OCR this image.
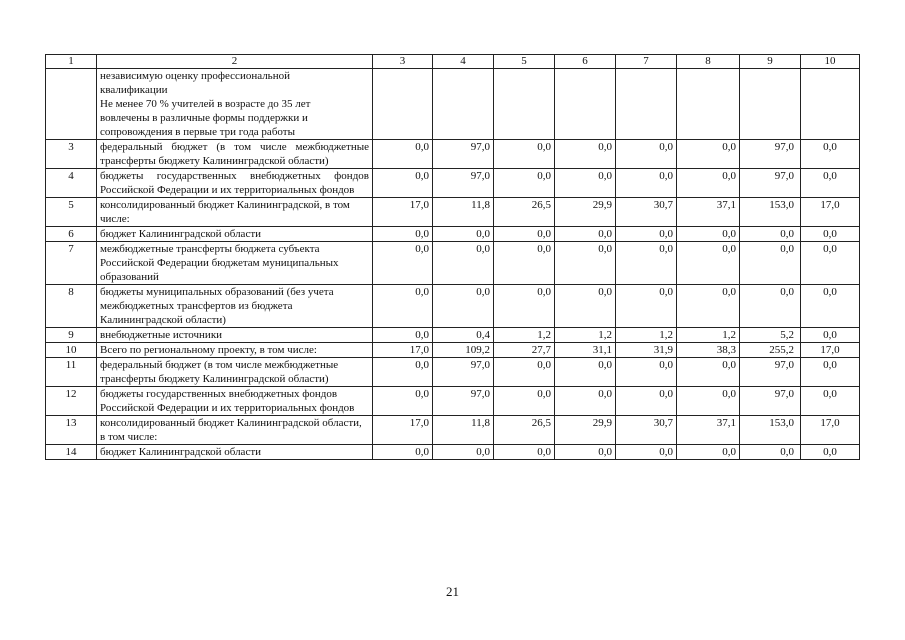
1	2	3	4	5	6	7	8	9	10

	независимую оценку профессиональной
квалификации
Не менее 70 % учителей в возрасте до 35 лет
вовлечены в различные формы поддержки и
сопровождения в первые три года работы								

3	федеральный бюджет (в том числе межбюджетные трансферты бюджету Калининградской области)	0,0	97,0	0,0	0,0	0,0	0,0	97,0	0,0
4	бюджеты государственных внебюджетных фондов Российской Федерации и их территориальных фондов	0,0	97,0	0,0	0,0	0,0	0,0	97,0	0,0
5	консолидированный бюджет Калининградской, в том числе:	17,0	11,8	26,5	29,9	30,7	37,1	153,0	17,0
6	бюджет Калининградской области	0,0	0,0	0,0	0,0	0,0	0,0	0,0	0,0
7	межбюджетные трансферты бюджета субъекта Российской Федерации бюджетам муниципальных образований	0,0	0,0	0,0	0,0	0,0	0,0	0,0	0,0
8	бюджеты муниципальных образований (без учета межбюджетных трансфертов из бюджета Калининградской области)	0,0	0,0	0,0	0,0	0,0	0,0	0,0	0,0
9	внебюджетные источники	0,0	0,4	1,2	1,2	1,2	1,2	5,2	0,0
10	Всего по региональному проекту, в том числе:	17,0	109,2	27,7	31,1	31,9	38,3	255,2	17,0
11	федеральный бюджет (в том числе межбюджетные трансферты бюджету Калининградской области)	0,0	97,0	0,0	0,0	0,0	0,0	97,0	0,0
12	бюджеты государственных внебюджетных фондов Российской Федерации и их территориальных фондов	0,0	97,0	0,0	0,0	0,0	0,0	97,0	0,0
13	консолидированный бюджет Калининградской области, в том числе:	17,0	11,8	26,5	29,9	30,7	37,1	153,0	17,0
14	бюджет Калининградской области	0,0	0,0	0,0	0,0	0,0	0,0	0,0	0,0
21
